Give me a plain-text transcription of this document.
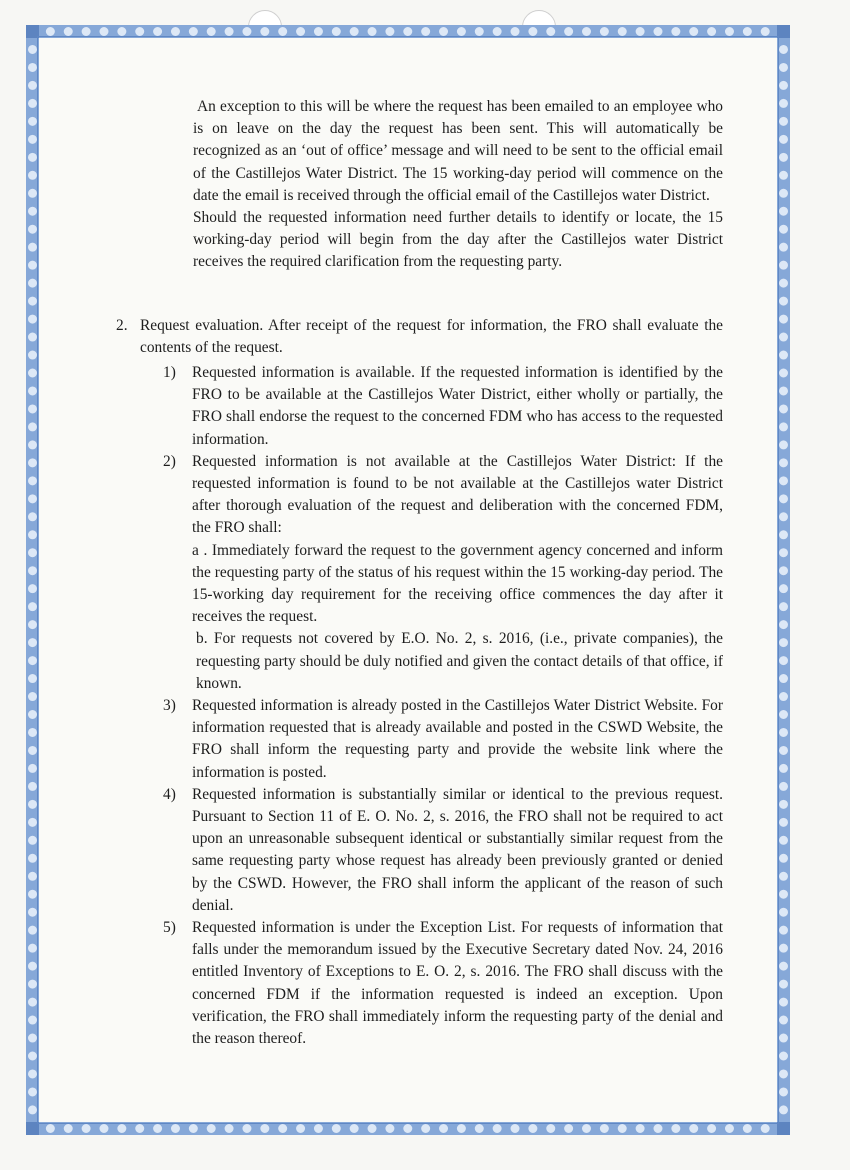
An exception to this will be where the request has been emailed to an employee who is on leave on the day the request has been sent. This will automatically be recognized as an ‘out of office’ message and will need to be sent to the official email of the Castillejos Water District. The 15 working-day period will commence on the date the email is received through the official email of the Castillejos water District.

Should the requested information need further details to identify or locate, the 15 working-day period will begin from the day after the Castillejos water District receives the required clarification from the requesting party.

2. Request evaluation. After receipt of the request for information, the FRO shall evaluate the contents of the request.

1) Requested information is available. If the requested information is identified by the FRO to be available at the Castillejos Water District, either wholly or partially, the FRO shall endorse the request to the concerned FDM who has access to the requested information.

2) Requested information is not available at the Castillejos Water District: If the requested information is found to be not available at the Castillejos water District after thorough evaluation of the request and deliberation with the concerned FDM, the FRO shall:

a . Immediately forward the request to the government agency concerned and inform the requesting party of the status of his request within the 15 working-day period. The 15-working day requirement for the receiving office commences the day after it receives the request.

b. For requests not covered by E.O. No. 2, s. 2016, (i.e., private companies), the requesting party should be duly notified and given the contact details of that office, if known.

3) Requested information is already posted in the Castillejos Water District Website. For information requested that is already available and posted in the CSWD Website, the FRO shall inform the requesting party and provide the website link where the information is posted.

4) Requested information is substantially similar or identical to the previous request. Pursuant to Section 11 of E. O. No. 2, s. 2016, the FRO shall not be required to act upon an unreasonable subsequent identical or substantially similar request from the same requesting party whose request has already been previously granted or denied by the CSWD. However, the FRO shall inform the applicant of the reason of such denial.

5) Requested information is under the Exception List. For requests of information that falls under the memorandum issued by the Executive Secretary dated Nov. 24, 2016 entitled Inventory of Exceptions to E. O. 2, s. 2016. The FRO shall discuss with the concerned FDM if the information requested is indeed an exception. Upon verification, the FRO shall immediately inform the requesting party of the denial and the reason thereof.
